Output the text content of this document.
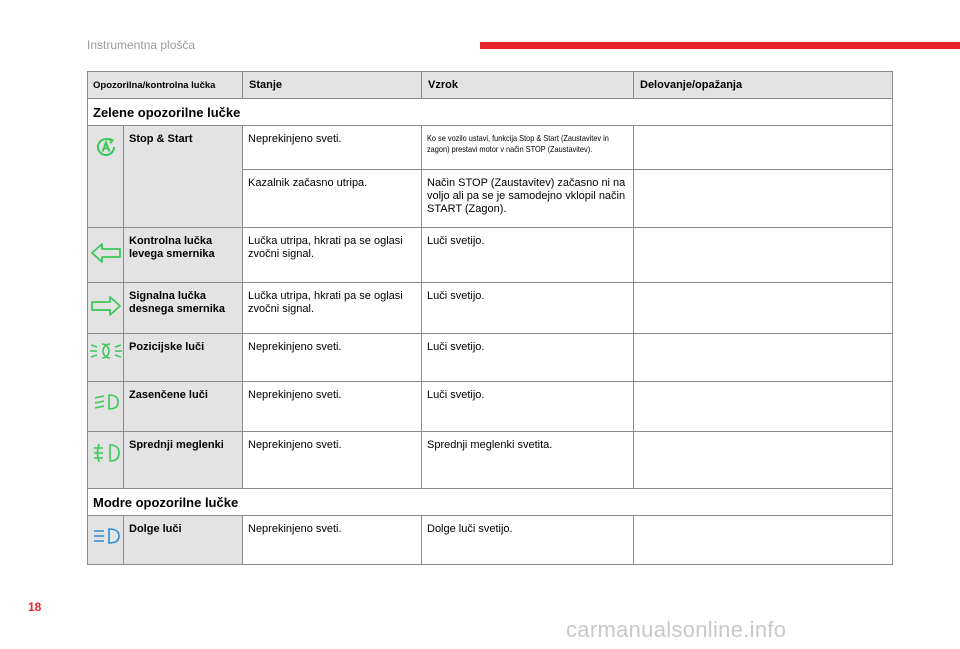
Instrumentna plošča
Opozorilna/kontrolna lučka		Stanje	Vzrok	Delovanje/opažanja
Zelene opozorilne lučke				
	Stop & Start	Neprekinjeno sveti.	Ko se vozilo ustavi, funkcija Stop & Start (Zaustavitev in zagon) prestavi motor v način STOP (Zaustavitev).	

		Kazalnik začasno utripa.	Način STOP (Zaustavitev) začasno ni na voljo ali pa se je samodejno vklopil način START (Zagon).	
	Kontrolna lučka levega smernika	Lučka utripa, hkrati pa se oglasi zvočni signal.	Luči svetijo.	
	Signalna lučka desnega smernika	Lučka utripa, hkrati pa se oglasi zvočni signal.	Luči svetijo.	
	Pozicijske luči	Neprekinjeno sveti.	Luči svetijo.	
	Zasenčene luči	Neprekinjeno sveti.	Luči svetijo.	
	Sprednji meglenki	Neprekinjeno sveti.	Sprednji meglenki svetita.	
Modre opozorilne lučke				
	Dolge luči	Neprekinjeno sveti.	Dolge luči svetijo.	
18
carmanualsonline.info
